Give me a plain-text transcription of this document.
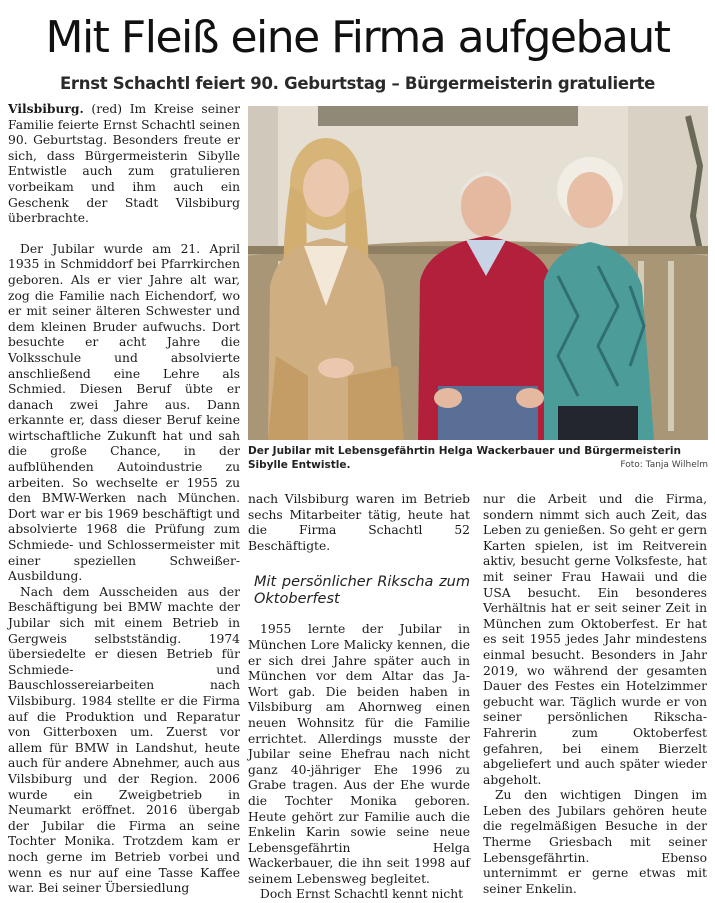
Mit Fleiß eine Firma aufgebaut
Ernst Schachtl feiert 90. Geburtstag – Bürgermeisterin gratulierte

Vilsbiburg. (red) Im Kreise seiner Familie feierte Ernst Schachtl seinen 90. Geburtstag. Besonders freute er sich, dass Bürgermeisterin Sibylle Entwistle auch zum gratulieren vorbeikam und ihm auch ein Geschenk der Stadt Vilsbiburg überbrachte.

Der Jubilar wurde am 21. April 1935 in Schmiddorf bei Pfarrkirchen geboren. Als er vier Jahre alt war, zog die Familie nach Eichendorf, wo er mit seiner älteren Schwester und dem kleinen Bruder aufwuchs. Dort besuchte er acht Jahre die Volksschule und absolvierte anschließend eine Lehre als Schmied. Diesen Beruf übte er danach zwei Jahre aus. Dann erkannte er, dass dieser Beruf keine wirtschaftliche Zukunft hat und sah die große Chance, in der aufblühenden Autoindustrie zu arbeiten. So wechselte er 1955 zu den BMW-Werken nach München. Dort war er bis 1969 beschäftigt und absolvierte 1968 die Prüfung zum Schmiede- und Schlossermeister mit einer speziellen Schweißer-Ausbildung.

Nach dem Ausscheiden aus der Beschäftigung bei BMW machte der Jubilar sich mit einem Betrieb in Gergweis selbstständig. 1974 übersiedelte er diesen Betrieb für Schmiede- und Bauschlossereiarbeiten nach Vilsbiburg. 1984 stellte er die Firma auf die Produktion und Reparatur von Gitterboxen um. Zuerst vor allem für BMW in Landshut, heute auch für andere Abnehmer, auch aus Vilsbiburg und der Region. 2006 wurde ein Zweigbetrieb in Neumarkt eröffnet. 2016 übergab der Jubilar die Firma an seine Tochter Monika. Trotzdem kam er noch gerne im Betrieb vorbei und wenn es nur auf eine Tasse Kaffee war. Bei seiner Übersiedlung

Der Jubilar mit Lebensgefährtin Helga Wackerbauer und Bürgermeisterin Sibylle Entwistle.	Foto: Tanja Wilhelm

nach Vilsbiburg waren im Betrieb sechs Mitarbeiter tätig, heute hat die Firma Schachtl 52 Beschäftigte.

Mit persönlicher Rikscha zum Oktoberfest

1955 lernte der Jubilar in München Lore Malicky kennen, die er sich drei Jahre später auch in München vor dem Altar das Ja-Wort gab. Die beiden haben in Vilsbiburg am Ahornweg einen neuen Wohnsitz für die Familie errichtet. Allerdings musste der Jubilar seine Ehefrau nach nicht ganz 40-jähriger Ehe 1996 zu Grabe tragen. Aus der Ehe wurde die Tochter Monika geboren. Heute gehört zur Familie auch die Enkelin Karin sowie seine neue Lebensgefährtin Helga Wackerbauer, die ihn seit 1998 auf seinem Lebensweg begleitet.

Doch Ernst Schachtl kennt nicht

nur die Arbeit und die Firma, sondern nimmt sich auch Zeit, das Leben zu genießen. So geht er gern Karten spielen, ist im Reitverein aktiv, besucht gerne Volksfeste, hat mit seiner Frau Hawaii und die USA besucht. Ein besonderes Verhältnis hat er seit seiner Zeit in München zum Oktoberfest. Er hat es seit 1955 jedes Jahr mindestens einmal besucht. Besonders in Jahr 2019, wo während der gesamten Dauer des Festes ein Hotelzimmer gebucht war. Täglich wurde er von seiner persönlichen Rikscha-Fahrerin zum Oktoberfest gefahren, bei einem Bierzelt abgeliefert und auch später wieder abgeholt.

Zu den wichtigen Dingen im Leben des Jubilars gehören heute die regelmäßigen Besuche in der Therme Griesbach mit seiner Lebensgefährtin. Ebenso unternimmt er gerne etwas mit seiner Enkelin.
